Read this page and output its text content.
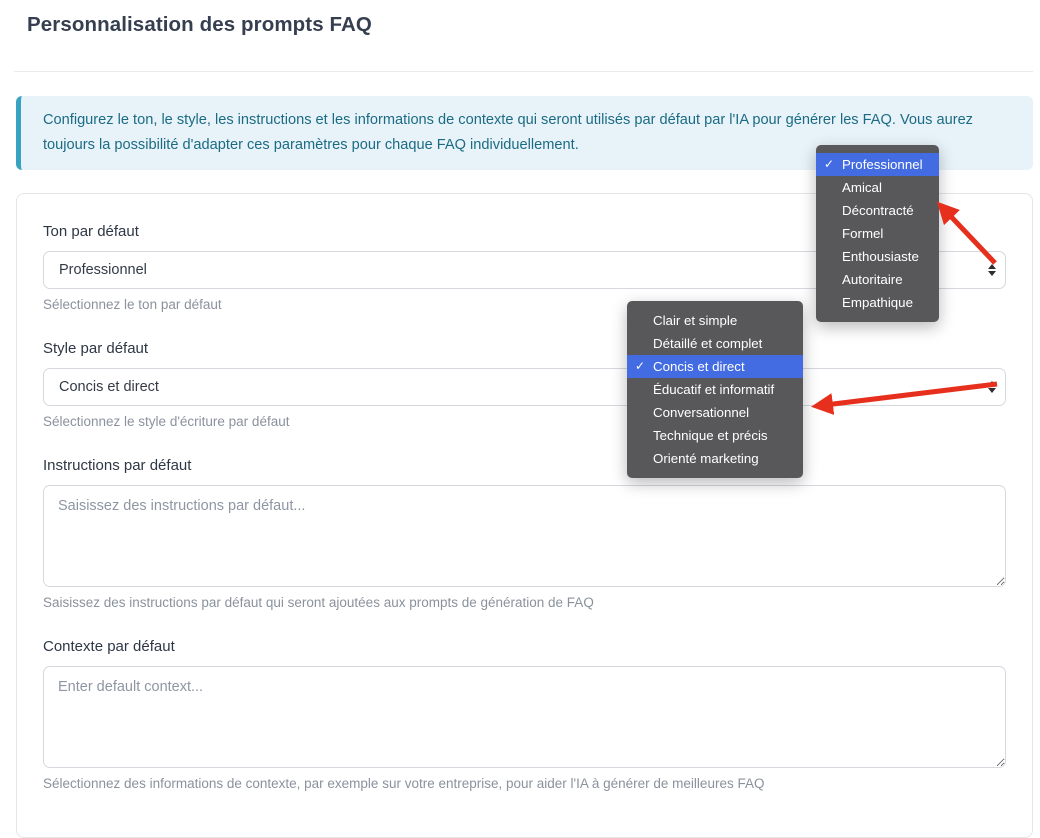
Personnalisation des prompts FAQ
Configurez le ton, le style, les instructions et les informations de contexte qui seront utilisés par défaut par l'IA pour générer les FAQ. Vous aurez toujours la possibilité d'adapter ces paramètres pour chaque FAQ individuellement.
Ton par défaut
Professionnel
Sélectionnez le ton par défaut
Style par défaut
Concis et direct
Sélectionnez le style d'écriture par défaut
Instructions par défaut
Saisissez des instructions par défaut...
Saisissez des instructions par défaut qui seront ajoutées aux prompts de génération de FAQ
Contexte par défaut
Enter default context...
Sélectionnez des informations de contexte, par exemple sur votre entreprise, pour aider l'IA à générer de meilleures FAQ
✓ Professionnel
Amical
Décontracté
Formel
Enthousiaste
Autoritaire
Empathique
Clair et simple
Détaillé et complet
✓ Concis et direct
Éducatif et informatif
Conversationnel
Technique et précis
Orienté marketing
